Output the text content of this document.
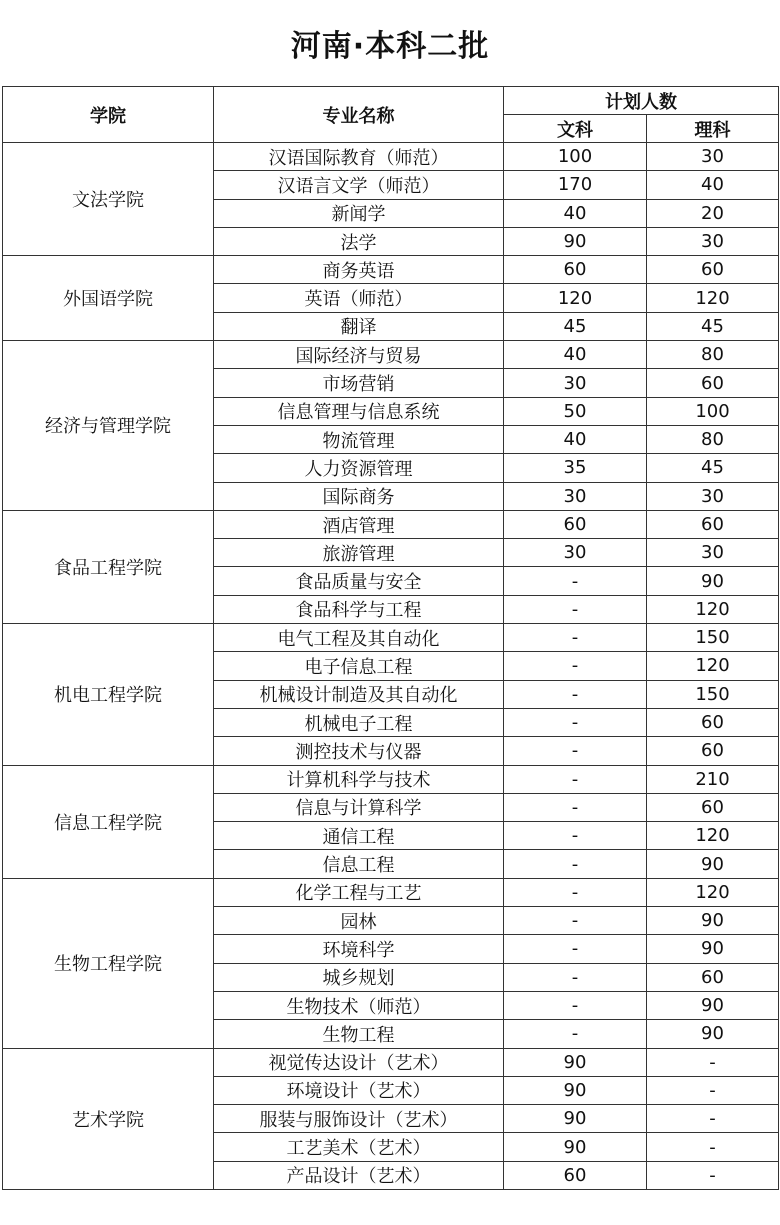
河南·本科二批
学院	专业名称	计划人数	
		文科	理科
文法学院	汉语国际教育（师范）	100	30
	汉语言文学（师范）	170	40
	新闻学	40	20
	法学	90	30
外国语学院	商务英语	60	60
	英语（师范）	120	120
	翻译	45	45
经济与管理学院	国际经济与贸易	40	80
	市场营销	30	60
	信息管理与信息系统	50	100
	物流管理	40	80
	人力资源管理	35	45
	国际商务	30	30
食品工程学院	酒店管理	60	60
	旅游管理	30	30
	食品质量与安全	-	90
	食品科学与工程	-	120
机电工程学院	电气工程及其自动化	-	150
	电子信息工程	-	120
	机械设计制造及其自动化	-	150
	机械电子工程	-	60
	测控技术与仪器	-	60
信息工程学院	计算机科学与技术	-	210
	信息与计算科学	-	60
	通信工程	-	120
	信息工程	-	90
生物工程学院	化学工程与工艺	-	120
	园林	-	90
	环境科学	-	90
	城乡规划	-	60
	生物技术（师范）	-	90
	生物工程	-	90
艺术学院	视觉传达设计（艺术）	90	-
	环境设计（艺术）	90	-
	服装与服饰设计（艺术）	90	-
	工艺美术（艺术）	90	-
	产品设计（艺术）	60	-
